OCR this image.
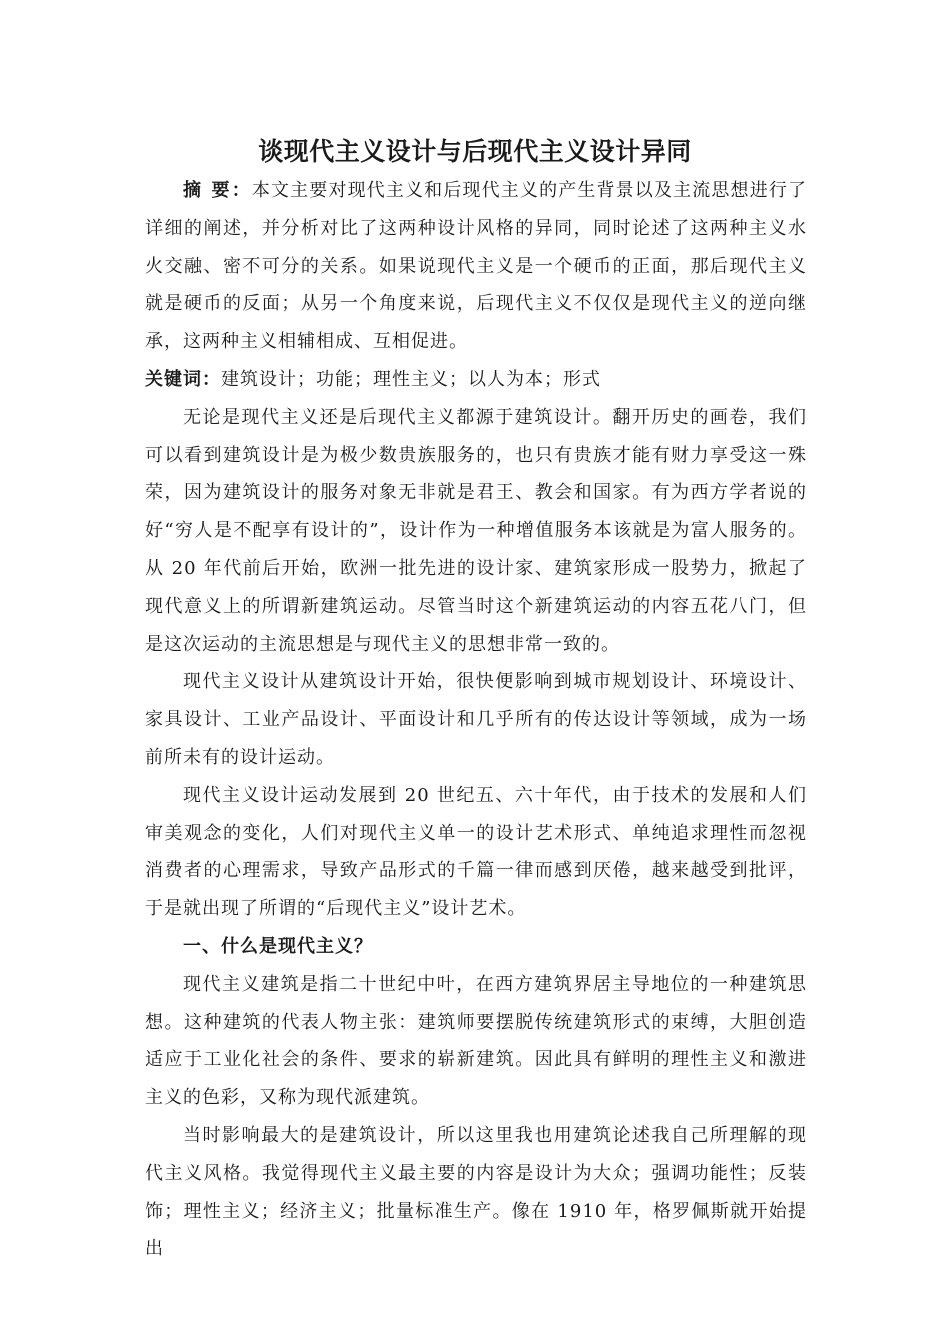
谈现代主义设计与后现代主义设计异同

摘 要：本文主要对现代主义和后现代主义的产生背景以及主流思想进行了详细的阐述，并分析对比了这两种设计风格的异同，同时论述了这两种主义水火交融、密不可分的关系。如果说现代主义是一个硬币的正面，那后现代主义就是硬币的反面；从另一个角度来说，后现代主义不仅仅是现代主义的逆向继承，这两种主义相辅相成、互相促进。

关键词：建筑设计；功能；理性主义；以人为本；形式

无论是现代主义还是后现代主义都源于建筑设计。翻开历史的画卷，我们可以看到建筑设计是为极少数贵族服务的，也只有贵族才能有财力享受这一殊荣，因为建筑设计的服务对象无非就是君王、教会和国家。有为西方学者说的好“穷人是不配享有设计的”，设计作为一种增值服务本该就是为富人服务的。从 20 年代前后开始，欧洲一批先进的设计家、建筑家形成一股势力，掀起了现代意义上的所谓新建筑运动。尽管当时这个新建筑运动的内容五花八门，但是这次运动的主流思想是与现代主义的思想非常一致的。

现代主义设计从建筑设计开始，很快便影响到城市规划设计、环境设计、家具设计、工业产品设计、平面设计和几乎所有的传达设计等领域，成为一场前所未有的设计运动。

现代主义设计运动发展到 20 世纪五、六十年代，由于技术的发展和人们审美观念的变化，人们对现代主义单一的设计艺术形式、单纯追求理性而忽视消费者的心理需求，导致产品形式的千篇一律而感到厌倦，越来越受到批评，于是就出现了所谓的“后现代主义”设计艺术。

一、什么是现代主义？

现代主义建筑是指二十世纪中叶，在西方建筑界居主导地位的一种建筑思想。这种建筑的代表人物主张：建筑师要摆脱传统建筑形式的束缚，大胆创造适应于工业化社会的条件、要求的崭新建筑。因此具有鲜明的理性主义和激进主义的色彩，又称为现代派建筑。

当时影响最大的是建筑设计，所以这里我也用建筑论述我自己所理解的现代主义风格。我觉得现代主义最主要的内容是设计为大众；强调功能性；反装饰；理性主义；经济主义；批量标准生产。像在 1910 年，格罗佩斯就开始提出
